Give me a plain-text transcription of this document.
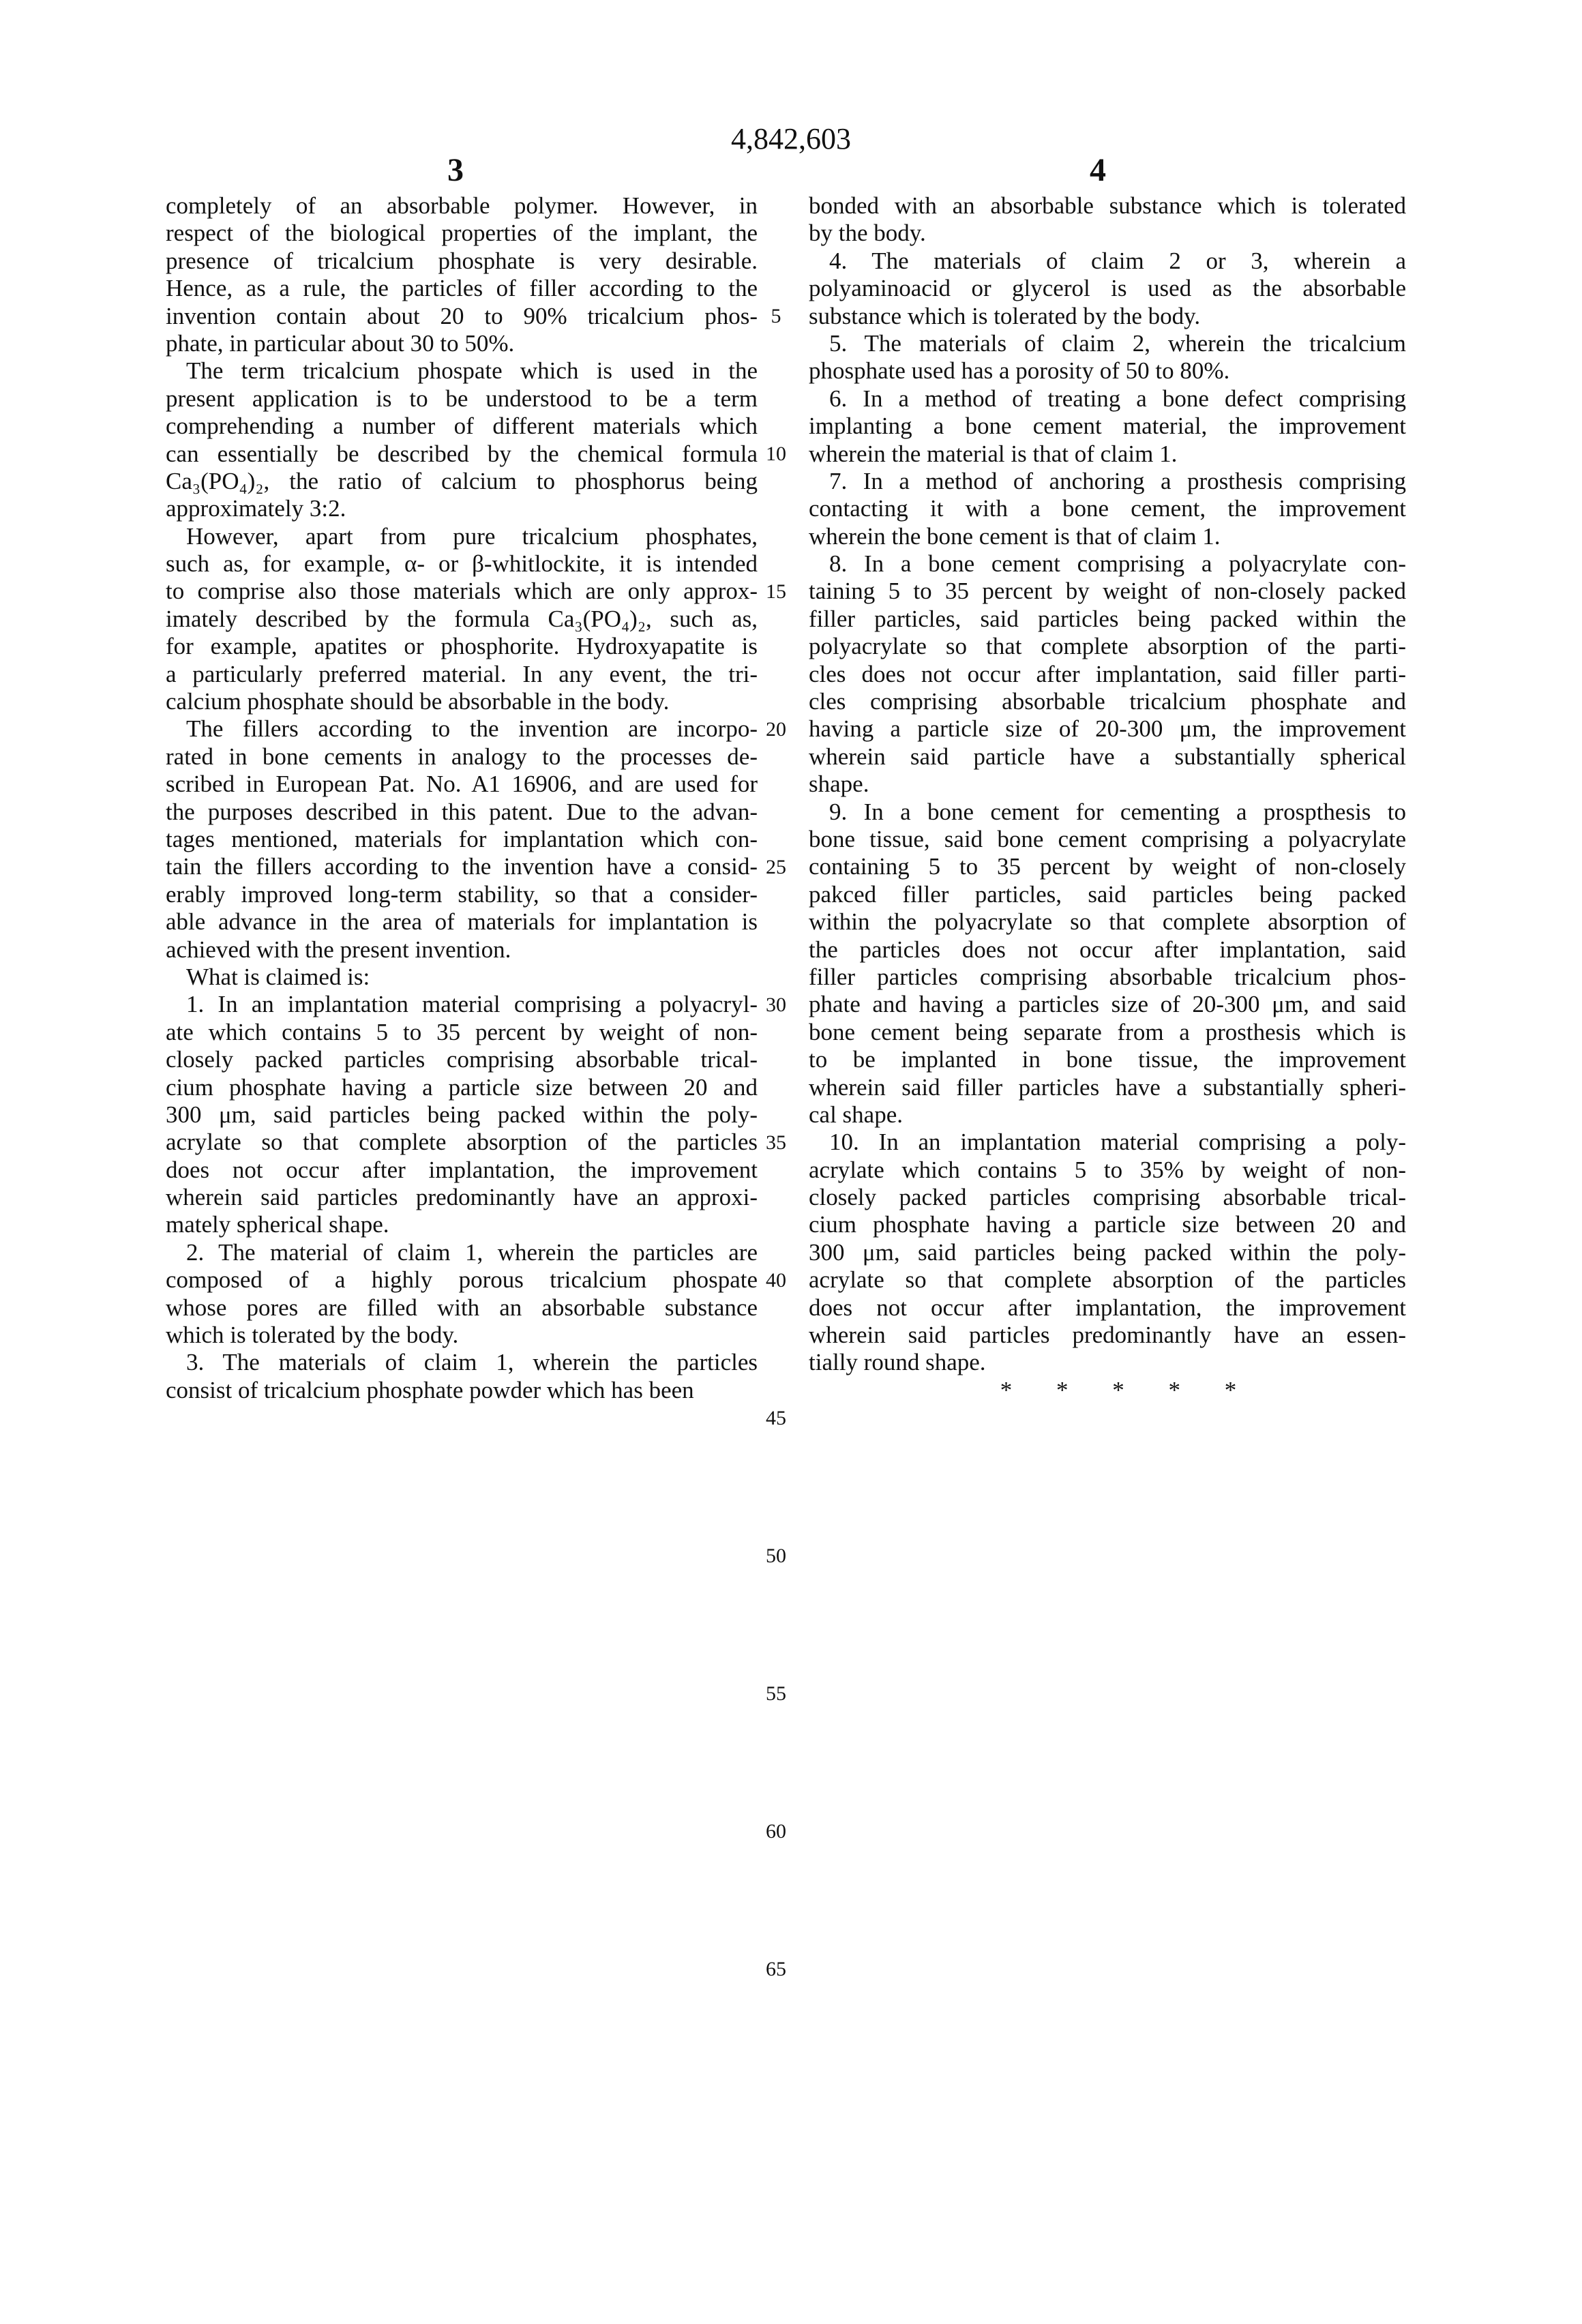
4,842,603
3	4
completely of an absorbable polymer. However, in
respect of the biological properties of the implant, the
presence of tricalcium phosphate is very desirable.
Hence, as a rule, the particles of filler according to the
invention contain about 20 to 90% tricalcium phos-
phate, in particular about 30 to 50%.
The term tricalcium phospate which is used in the
present application is to be understood to be a term
comprehending a number of different materials which
can essentially be described by the chemical formula
Ca₃(PO₄)₂, the ratio of calcium to phosphorus being
approximately 3:2.
However, apart from pure tricalcium phosphates,
such as, for example, α- or β-whitlockite, it is intended
to comprise also those materials which are only approx-
imately described by the formula Ca₃(PO₄)₂, such as,
for example, apatites or phosphorite. Hydroxyapatite is
a particularly preferred material. In any event, the tri-
calcium phosphate should be absorbable in the body.
The fillers according to the invention are incorpo-
rated in bone cements in analogy to the processes de-
scribed in European Pat. No. A1 16906, and are used for
the purposes described in this patent. Due to the advan-
tages mentioned, materials for implantation which con-
tain the fillers according to the invention have a consid-
erably improved long-term stability, so that a consider-
able advance in the area of materials for implantation is
achieved with the present invention.
What is claimed is:
1. In an implantation material comprising a polyacryl-
ate which contains 5 to 35 percent by weight of non-
closely packed particles comprising absorbable trical-
cium phosphate having a particle size between 20 and
300 μm, said particles being packed within the poly-
acrylate so that complete absorption of the particles
does not occur after implantation, the improvement
wherein said particles predominantly have an approxi-
mately spherical shape.
2. The material of claim 1, wherein the particles are
composed of a highly porous tricalcium phospate
whose pores are filled with an absorbable substance
which is tolerated by the body.
3. The materials of claim 1, wherein the particles
consist of tricalcium phosphate powder which has been
5
10
15
20
25
30
35
40
45
50
55
60
65
bonded with an absorbable substance which is tolerated
by the body.
4. The materials of claim 2 or 3, wherein a
polyaminoacid or glycerol is used as the absorbable
substance which is tolerated by the body.
5. The materials of claim 2, wherein the tricalcium
phosphate used has a porosity of 50 to 80%.
6. In a method of treating a bone defect comprising
implanting a bone cement material, the improvement
wherein the material is that of claim 1.
7. In a method of anchoring a prosthesis comprising
contacting it with a bone cement, the improvement
wherein the bone cement is that of claim 1.
8. In a bone cement comprising a polyacrylate con-
taining 5 to 35 percent by weight of non-closely packed
filler particles, said particles being packed within the
polyacrylate so that complete absorption of the parti-
cles does not occur after implantation, said filler parti-
cles comprising absorbable tricalcium phosphate and
having a particle size of 20-300 μm, the improvement
wherein said particle have a substantially spherical
shape.
9. In a bone cement for cementing a prospthesis to
bone tissue, said bone cement comprising a polyacrylate
containing 5 to 35 percent by weight of non-closely
pakced filler particles, said particles being packed
within the polyacrylate so that complete absorption of
the particles does not occur after implantation, said
filler particles comprising absorbable tricalcium phos-
phate and having a particles size of 20-300 μm, and said
bone cement being separate from a prosthesis which is
to be implanted in bone tissue, the improvement
wherein said filler particles have a substantially spheri-
cal shape.
10. In an implantation material comprising a poly-
acrylate which contains 5 to 35% by weight of non-
closely packed particles comprising absorbable trical-
cium phosphate having a particle size between 20 and
300 μm, said particles being packed within the poly-
acrylate so that complete absorption of the particles
does not occur after implantation, the improvement
wherein said particles predominantly have an essen-
tially round shape.
* * * * *
